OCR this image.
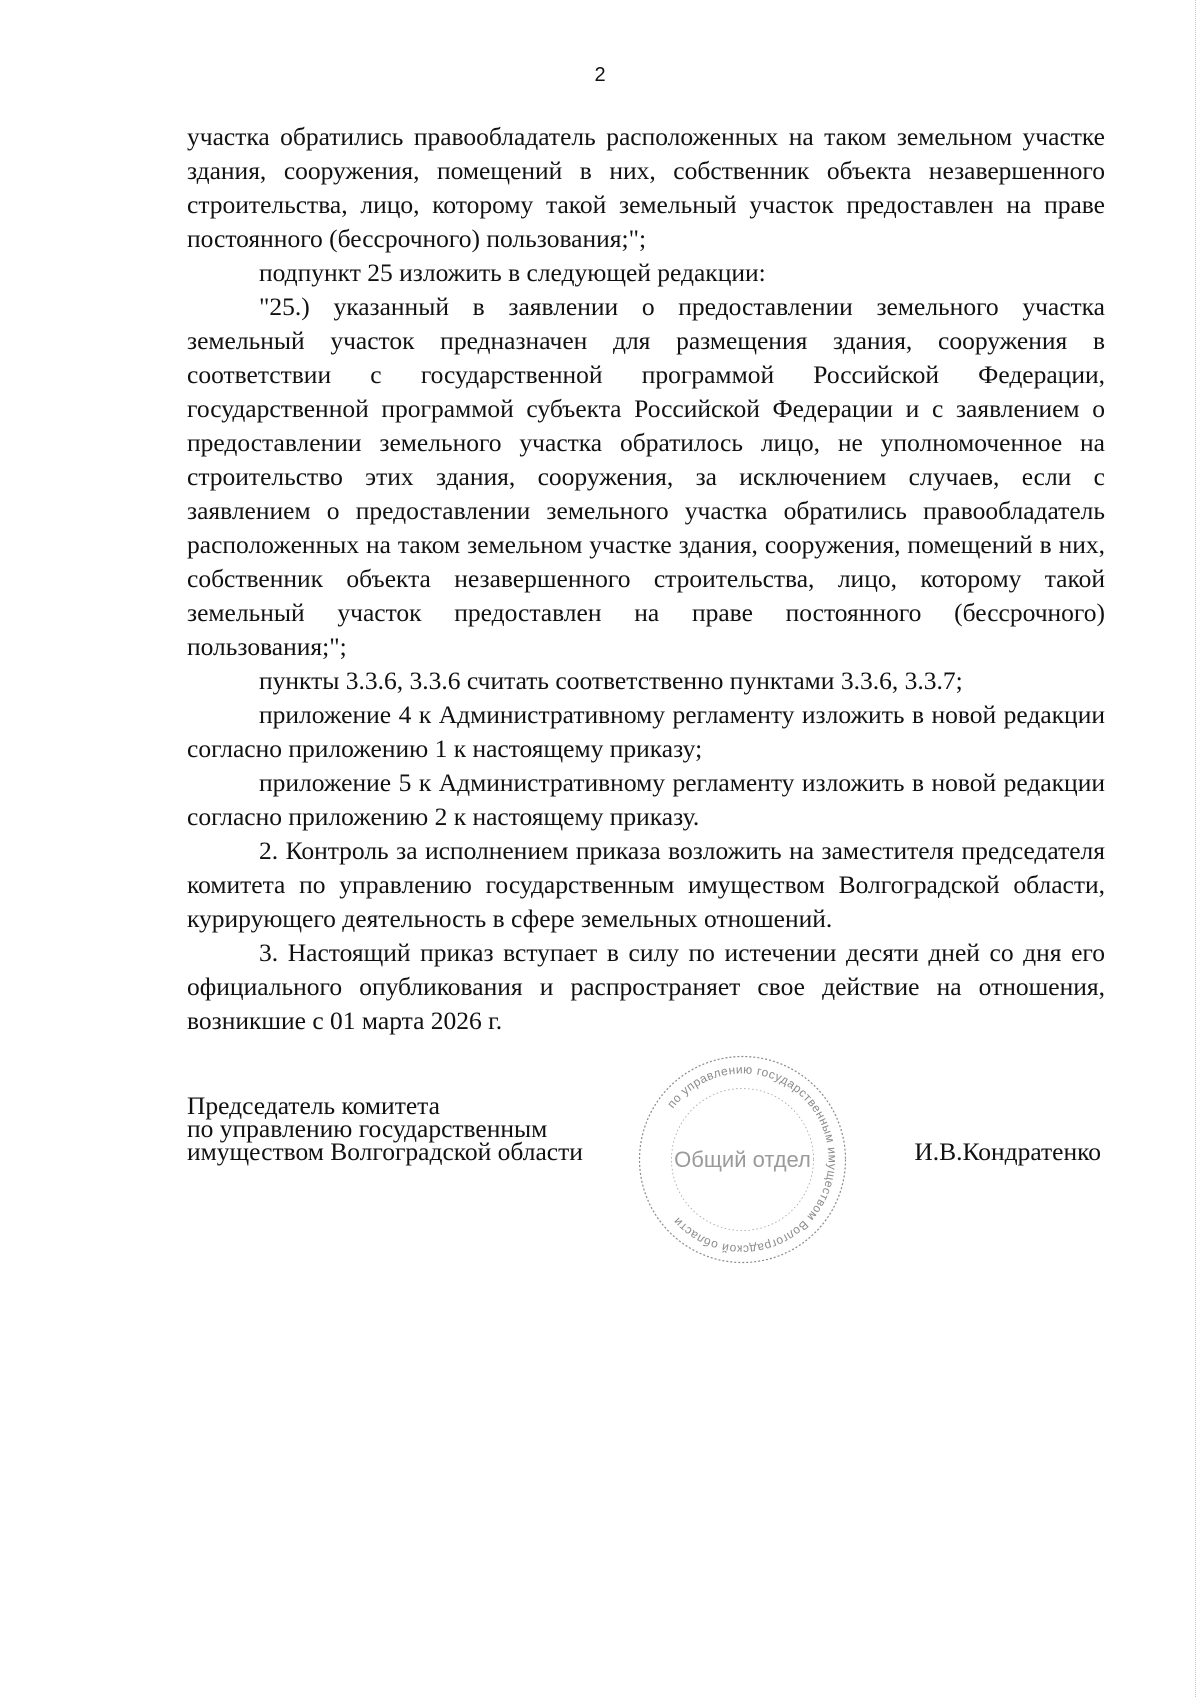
2

участка обратились правообладатель расположенных на таком земельном участке здания, сооружения, помещений в них, собственник объекта незавершенного строительства, лицо, которому такой земельный участок предоставлен на праве постоянного (бессрочного) пользования;";

подпункт 25 изложить в следующей редакции:

"25.) указанный в заявлении о предоставлении земельного участка земельный участок предназначен для размещения здания, сооружения в соответствии с государственной программой Российской Федерации, государственной программой субъекта Российской Федерации и с заявлением о предоставлении земельного участка обратилось лицо, не уполномоченное на строительство этих здания, сооружения, за исключением случаев, если с заявлением о предоставлении земельного участка обратились правообладатель расположенных на таком земельном участке здания, сооружения, помещений в них, собственник объекта незавершенного строительства, лицо, которому такой земельный участок предоставлен на праве постоянного (бессрочного) пользования;";

пункты 3.3.6, 3.3.6 считать соответственно пунктами 3.3.6, 3.3.7;

приложение 4 к Административному регламенту изложить в новой редакции согласно приложению 1 к настоящему приказу;

приложение 5 к Административному регламенту изложить в новой редакции согласно приложению 2 к настоящему приказу.

2. Контроль за исполнением приказа возложить на заместителя председателя комитета по управлению государственным имуществом Волгоградской области, курирующего деятельность в сфере земельных отношений.

3. Настоящий приказ вступает в силу по истечении десяти дней со дня его официального опубликования и распространяет свое действие на отношения, возникшие с 01 марта 2026 г.

Председатель комитета
по управлению государственным
имуществом Волгоградской области
по управлению государственным имуществом Волгоградской области
Общий отдел	И.В.Кондратенко
